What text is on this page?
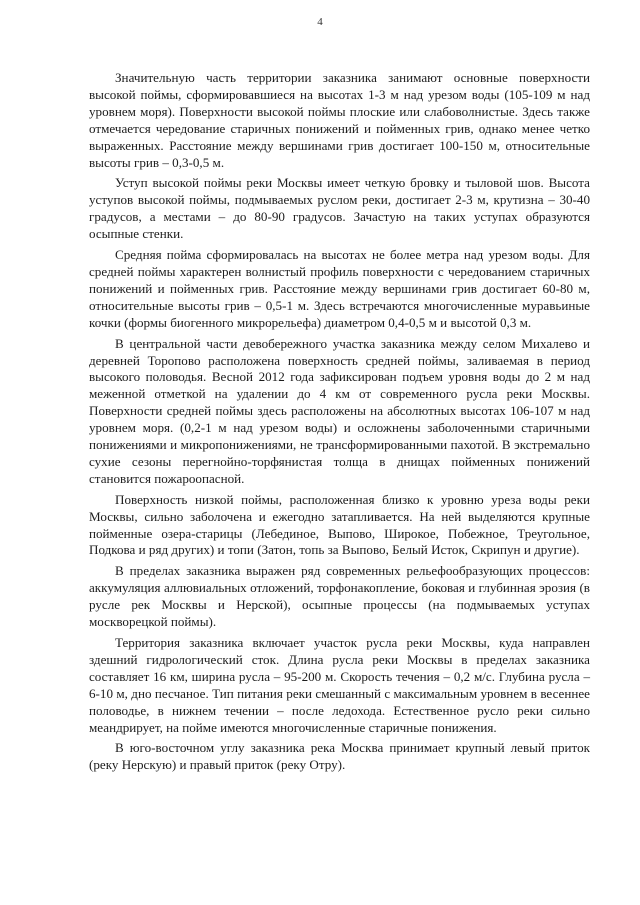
4

Значительную часть территории заказника занимают основные поверхности высокой поймы, сформировавшиеся на высотах 1-3 м над урезом воды (105-109 м над уровнем моря). Поверхности высокой поймы плоские или слабоволнистые. Здесь также отмечается чередование старичных понижений и пойменных грив, однако менее четко выраженных. Расстояние между вершинами грив достигает 100-150 м, относительные высоты грив – 0,3-0,5 м.

Уступ высокой поймы реки Москвы имеет четкую бровку и тыловой шов. Высота уступов высокой поймы, подмываемых руслом реки, достигает 2-3 м, крутизна – 30-40 градусов, а местами – до 80-90 градусов. Зачастую на таких уступах образуются осыпные стенки.

Средняя пойма сформировалась на высотах не более метра над урезом воды. Для средней поймы характерен волнистый профиль поверхности с чередованием старичных понижений и пойменных грив. Расстояние между вершинами грив достигает 60-80 м, относительные высоты грив – 0,5-1 м. Здесь встречаются многочисленные муравьиные кочки (формы биогенного микрорельефа) диаметром 0,4-0,5 м и высотой 0,3 м.

В центральной части девобережного участка заказника между селом Михалево и деревней Торопово расположена поверхность средней поймы, заливаемая в период высокого половодья. Весной 2012 года зафиксирован подъем уровня воды до 2 м над меженной отметкой на удалении до 4 км от современного русла реки Москвы. Поверхности средней поймы здесь расположены на абсолютных высотах 106-107 м над уровнем моря. (0,2-1 м над урезом воды) и осложнены заболоченными старичными понижениями и микропонижениями, не трансформированными пахотой. В экстремально сухие сезоны перегнойно-торфянистая толща в днищах пойменных понижений становится пожароопасной.

Поверхность низкой поймы, расположенная близко к уровню уреза воды реки Москвы, сильно заболочена и ежегодно затапливается. На ней выделяются крупные пойменные озера-старицы (Лебединое, Выпово, Широкое, Побежное, Треугольное, Подкова и ряд других) и топи (Затон, топь за Выпово, Белый Исток, Скрипун и другие).

В пределах заказника выражен ряд современных рельефообразующих процессов: аккумуляция аллювиальных отложений, торфонакопление, боковая и глубинная эрозия (в русле рек Москвы и Нерской), осыпные процессы (на подмываемых уступах москворецкой поймы).

Территория заказника включает участок русла реки Москвы, куда направлен здешний гидрологический сток. Длина русла реки Москвы в пределах заказника составляет 16 км, ширина русла – 95-200 м. Скорость течения – 0,2 м/с. Глубина русла – 6-10 м, дно песчаное. Тип питания реки смешанный с максимальным уровнем в весеннее половодье, в нижнем течении – после ледохода. Естественное русло реки сильно меандрирует, на пойме имеются многочисленные старичные понижения.

В юго-восточном углу заказника река Москва принимает крупный левый приток (реку Нерскую) и правый приток (реку Отру).
